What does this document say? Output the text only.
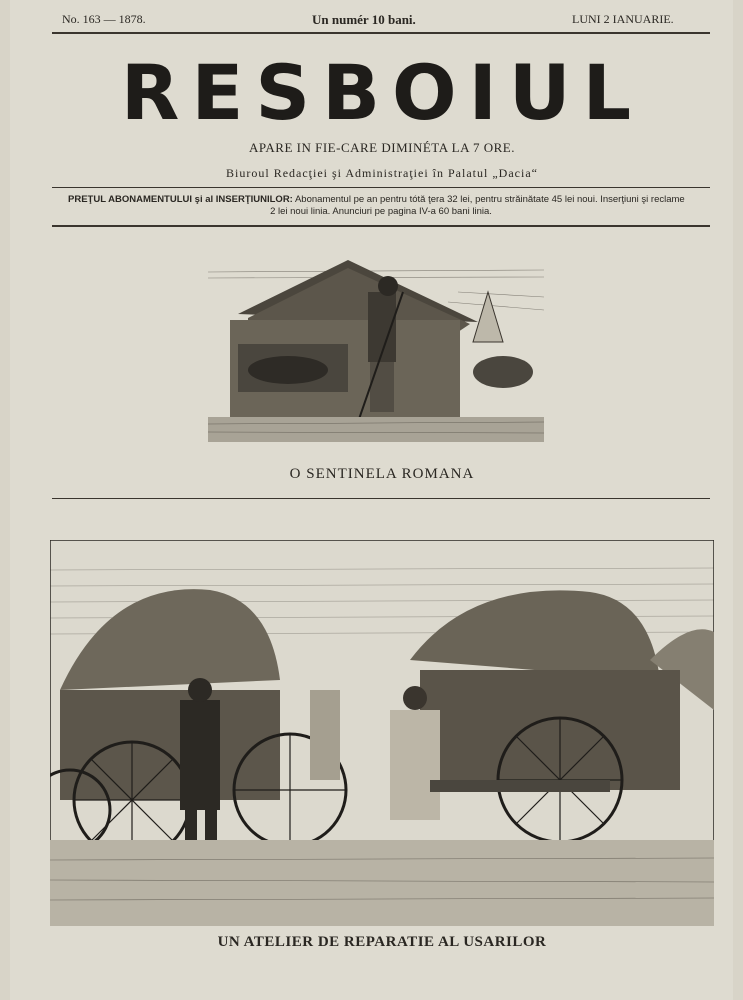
No. 163 — 1878.	Un numér 10 bani.	LUNI 2 IANUARIE.
RESBOIUL
APARE IN FIE-CARE DIMINÉTA LA 7 ORE.
Biuroul Redacţiei şi Administraţiei în Palatul „Dacia“
PREŢUL ABONAMENTULUI şi al INSERŢIUNILOR: Abonamentul pe an pentru tótă ţera 32 lei, pentru străinătate 45 lei noui. Inserţiuni şi reclame
2 lei noui linia. Anunciuri pe pagina IV-a 60 bani linia.
O SENTINELA ROMANA
UN ATELIER DE REPARATIE AL USARILOR
